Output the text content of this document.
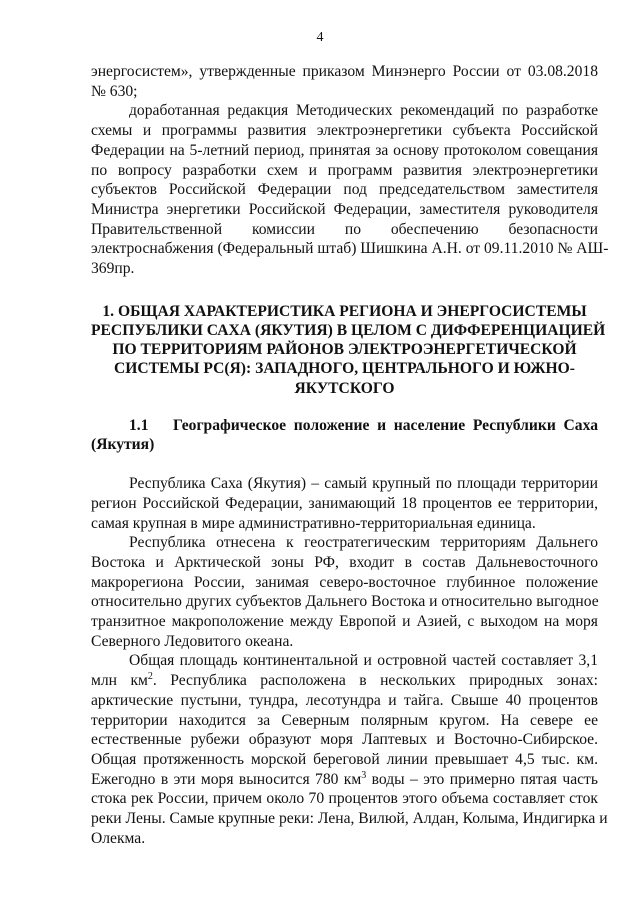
4
энергосистем», утвержденные приказом Минэнерго России от 03.08.2018
№ 630;
доработанная редакция Методических рекомендаций по разработке
схемы и программы развития электроэнергетики субъекта Российской
Федерации на 5-летний период, принятая за основу протоколом совещания
по вопросу разработки схем и программ развития электроэнергетики
субъектов Российской Федерации под председательством заместителя
Министра энергетики Российской Федерации, заместителя руководителя
Правительственной комиссии по обеспечению безопасности
электроснабжения (Федеральный штаб) Шишкина А.Н. от 09.11.2010 № АШ-
369пр.
1. ОБЩАЯ ХАРАКТЕРИСТИКА РЕГИОНА И ЭНЕРГОСИСТЕМЫ
РЕСПУБЛИКИ САХА (ЯКУТИЯ) В ЦЕЛОМ С ДИФФЕРЕНЦИАЦИЕЙ
ПО ТЕРРИТОРИЯМ РАЙОНОВ ЭЛЕКТРОЭНЕРГЕТИЧЕСКОЙ
СИСТЕМЫ РС(Я): ЗАПАДНОГО, ЦЕНТРАЛЬНОГО И ЮЖНО-
ЯКУТСКОГО
1.1 Географическое положение и население Республики Саха
(Якутия)
Республика Саха (Якутия) – самый крупный по площади территории
регион Российской Федерации, занимающий 18 процентов ее территории,
самая крупная в мире административно-территориальная единица.
Республика отнесена к геостратегическим территориям Дальнего
Востока и Арктической зоны РФ, входит в состав Дальневосточного
макрорегиона России, занимая северо-восточное глубинное положение
относительно других субъектов Дальнего Востока и относительно выгодное
транзитное макроположение между Европой и Азией, с выходом на моря
Северного Ледовитого океана.
Общая площадь континентальной и островной частей составляет 3,1
млн $км^2$. Республика расположена в нескольких природных зонах:
арктические пустыни, тундра, лесотундра и тайга. Свыше 40 процентов
территории находится за Северным полярным кругом. На севере ее
естественные рубежи образуют моря Лаптевых и Восточно-Сибирское.
Общая протяженность морской береговой линии превышает 4,5 тыс. км.
Ежегодно в эти моря выносится 780 $км^3$ воды – это примерно пятая часть
стока рек России, причем около 70 процентов этого объема составляет сток
реки Лены. Самые крупные реки: Лена, Вилюй, Алдан, Колыма, Индигирка и
Олекма.
